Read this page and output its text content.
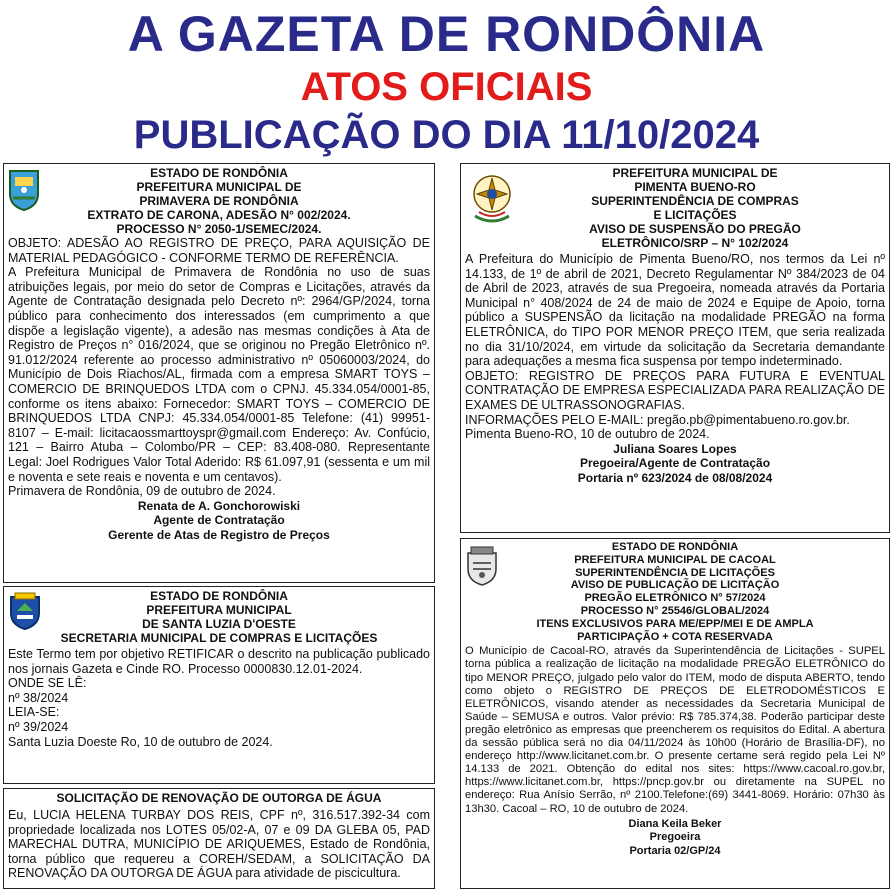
A GAZETA DE RONDÔNIA
ATOS OFICIAIS
PUBLICAÇÃO DO DIA 11/10/2024
ESTADO DE RONDÔNIA
PREFEITURA MUNICIPAL DE
PRIMAVERA DE RONDÔNIA
EXTRATO DE CARONA, ADESÃO N° 002/2024.
PROCESSO N° 2050-1/SEMEC/2024.
OBJETO: ADESÃO AO REGISTRO DE PREÇO, PARA AQUISIÇÃO DE MATERIAL PEDAGÓGICO - CONFORME TERMO DE REFERÊNCIA.
A Prefeitura Municipal de Primavera de Rondônia no uso de suas atribuições legais, por meio do setor de Compras e Licitações, através da Agente de Contratação designada pelo Decreto nº: 2964/GP/2024, torna público para conhecimento dos interessados (em cumprimento a que dispõe a legislação vigente), a adesão nas mesmas condições à Ata de Registro de Preços n° 016/2024, que se originou no Pregão Eletrônico nº. 91.012/2024 referente ao processo administrativo nº 05060003/2024, do Município de Dois Riachos/AL, firmada com a empresa SMART TOYS – COMERCIO DE BRINQUEDOS LTDA com o CPNJ. 45.334.054/0001-85, conforme os itens abaixo: Fornecedor: SMART TOYS – COMERCIO DE BRINQUEDOS LTDA CNPJ: 45.334.054/0001-85 Telefone: (41) 99951-8107 – E-mail: licitacaossmarttoyspr@gmail.com Endereço: Av. Confúcio, 121 – Bairro Atuba – Colombo/PR – CEP: 83.408-080. Representante Legal: Joel Rodrigues Valor Total Aderido: R$ 61.097,91 (sessenta e um mil e noventa e sete reais e noventa e um centavos).
Primavera de Rondônia, 09 de outubro de 2024.
Renata de A. Gonchorowiski
Agente de Contratação
Gerente de Atas de Registro de Preços
ESTADO DE RONDÔNIA
PREFEITURA MUNICIPAL
DE SANTA LUZIA D'OESTE
SECRETARIA MUNICIPAL DE COMPRAS E LICITAÇÕES
Este Termo tem por objetivo RETIFICAR o descrito na publicação publicado nos jornais Gazeta e Cinde RO. Processo 0000830.12.01-2024.
ONDE SE LÊ:
nº 38/2024
LEIA-SE:
nº 39/2024
Santa Luzia Doeste Ro, 10 de outubro de 2024.
SOLICITAÇÃO DE RENOVAÇÃO DE OUTORGA DE ÁGUA
Eu, LUCIA HELENA TURBAY DOS REIS, CPF nº, 316.517.392-34 com propriedade localizada nos LOTES 05/02-A, 07 e 09 DA GLEBA 05, PAD MARECHAL DUTRA, MUNICÍPIO DE ARIQUEMES, Estado de Rondônia, torna público que requereu a COREH/SEDAM, a SOLICITAÇÃO DA RENOVAÇÃO DA OUTORGA DE ÁGUA para atividade de piscicultura.
PREFEITURA MUNICIPAL DE
PIMENTA BUENO-RO
SUPERINTENDÊNCIA DE COMPRAS
E LICITAÇÕES
AVISO DE SUSPENSÃO DO PREGÃO
ELETRÔNICO/SRP – N° 102/2024
A Prefeitura do Município de Pimenta Bueno/RO, nos termos da Lei nº 14.133, de 1º de abril de 2021, Decreto Regulamentar Nº 384/2023 de 04 de Abril de 2023, através de sua Pregoeira, nomeada através da Portaria Municipal n° 408/2024 de 24 de maio de 2024 e Equipe de Apoio, torna público a SUSPENSÃO da licitação na modalidade PREGÃO na forma ELETRÔNICA, do TIPO POR MENOR PREÇO ITEM, que seria realizada no dia 31/10/2024, em virtude da solicitação da Secretaria demandante para adequações a mesma fica suspensa por tempo indeterminado.
OBJETO: REGISTRO DE PREÇOS PARA FUTURA E EVENTUAL CONTRATAÇÃO DE EMPRESA ESPECIALIZADA PARA REALIZAÇÃO DE EXAMES DE ULTRASSONOGRAFIAS.
INFORMAÇÕES PELO E-MAIL: pregão.pb@pimentabueno.ro.gov.br.
Pimenta Bueno-RO, 10 de outubro de 2024.
Juliana Soares Lopes
Pregoeira/Agente de Contratação
Portaria nº 623/2024 de 08/08/2024
ESTADO DE RONDÔNIA
PREFEITURA MUNICIPAL DE CACOAL
SUPERINTENDÊNCIA DE LICITAÇÕES
AVISO DE PUBLICAÇÃO DE LICITAÇÃO
PREGÃO ELETRÔNICO N° 57/2024
PROCESSO N° 25546/GLOBAL/2024
ITENS EXCLUSIVOS PARA ME/EPP/MEI E DE AMPLA
PARTICIPAÇÃO + COTA RESERVADA
O Município de Cacoal-RO, através da Superintendência de Licitações - SUPEL torna pública a realização de licitação na modalidade PREGÃO ELETRÔNICO do tipo MENOR PREÇO, julgado pelo valor do ITEM, modo de disputa ABERTO, tendo como objeto o REGISTRO DE PREÇOS DE ELETRODOMÉSTICOS E ELETRÔNICOS, visando atender as necessidades da Secretaria Municipal de Saúde – SEMUSA e outros. Valor prévio: R$ 785.374,38. Poderão participar deste pregão eletrônico as empresas que preencherem os requisitos do Edital. A abertura da sessão pública será no dia 04/11/2024 às 10h00 (Horário de Brasília-DF), no endereço http://www.licitanet.com.br. O presente certame será regido pela Lei Nº 14.133 de 2021. Obtenção do edital nos sites: https://www.cacoal.ro.gov.br, https://www.licitanet.com.br, https://pncp.gov.br ou diretamente na SUPEL no endereço: Rua Anísio Serrão, nº 2100.Telefone:(69) 3441-8069. Horário: 07h30 às 13h30. Cacoal – RO, 10 de outubro de 2024.
Diana Keila Beker
Pregoeira
Portaria 02/GP/24
